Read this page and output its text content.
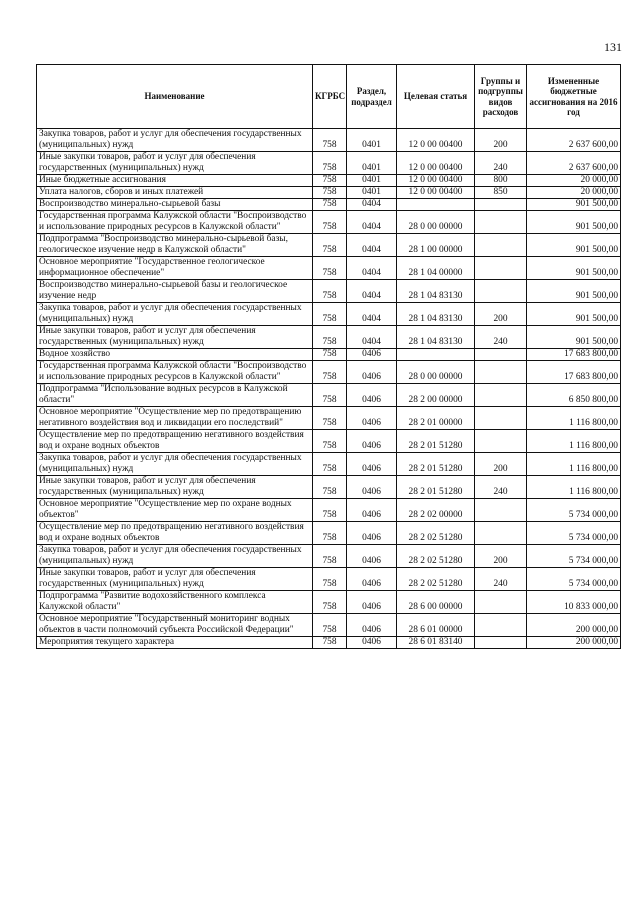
131
Наименование	КГРБС	Раздел, подраздел	Целевая статья	Группы и подгруппы видов расходов	Измененные бюджетные ассигнования на 2016 год
Закупка товаров, работ и услуг для обеспечения государственных (муниципальных) нужд	758	0401	12 0 00 00400	200	2 637 600,00
Иные закупки товаров, работ и услуг для обеспечения государственных (муниципальных) нужд	758	0401	12 0 00 00400	240	2 637 600,00
Иные бюджетные ассигнования	758	0401	12 0 00 00400	800	20 000,00
Уплата налогов, сборов и иных платежей	758	0401	12 0 00 00400	850	20 000,00
Воспроизводство минерально-сырьевой базы	758	0404			901 500,00
Государственная программа Калужской области "Воспроизводство и использование природных ресурсов в Калужской области"	758	0404	28 0 00 00000		901 500,00
Подпрограмма "Воспроизводство минерально-сырьевой базы, геологическое изучение недр в Калужской области"	758	0404	28 1 00 00000		901 500,00
Основное мероприятие "Государственное геологическое информационное обеспечение"	758	0404	28 1 04 00000		901 500,00
Воспроизводство минерально-сырьевой базы и геологическое изучение недр	758	0404	28 1 04 83130		901 500,00
Закупка товаров, работ и услуг для обеспечения государственных (муниципальных) нужд	758	0404	28 1 04 83130	200	901 500,00
Иные закупки товаров, работ и услуг для обеспечения государственных (муниципальных) нужд	758	0404	28 1 04 83130	240	901 500,00
Водное хозяйство	758	0406			17 683 800,00
Государственная программа Калужской области "Воспроизводство и использование природных ресурсов в Калужской области"	758	0406	28 0 00 00000		17 683 800,00
Подпрограмма "Использование водных ресурсов в Калужской области"	758	0406	28 2 00 00000		6 850 800,00
Основное мероприятие "Осуществление мер по предотвращению негативного воздействия вод и ликвидации его последствий"	758	0406	28 2 01 00000		1 116 800,00
Осуществление мер по предотвращению негативного воздействия вод и охране водных объектов	758	0406	28 2 01 51280		1 116 800,00
Закупка товаров, работ и услуг для обеспечения государственных (муниципальных) нужд	758	0406	28 2 01 51280	200	1 116 800,00
Иные закупки товаров, работ и услуг для обеспечения государственных (муниципальных) нужд	758	0406	28 2 01 51280	240	1 116 800,00
Основное мероприятие "Осуществление мер по охране водных объектов"	758	0406	28 2 02 00000		5 734 000,00
Осуществление мер по предотвращению негативного воздействия вод и охране водных объектов	758	0406	28 2 02 51280		5 734 000,00
Закупка товаров, работ и услуг для обеспечения государственных (муниципальных) нужд	758	0406	28 2 02 51280	200	5 734 000,00
Иные закупки товаров, работ и услуг для обеспечения государственных (муниципальных) нужд	758	0406	28 2 02 51280	240	5 734 000,00
Подпрограмма "Развитие водохозяйственного комплекса Калужской области"	758	0406	28 6 00 00000		10 833 000,00
Основное мероприятие "Государственный мониторинг водных объектов в части полномочий субъекта Российской Федерации"	758	0406	28 6 01 00000		200 000,00
Мероприятия текущего характера	758	0406	28 6 01 83140		200 000,00
